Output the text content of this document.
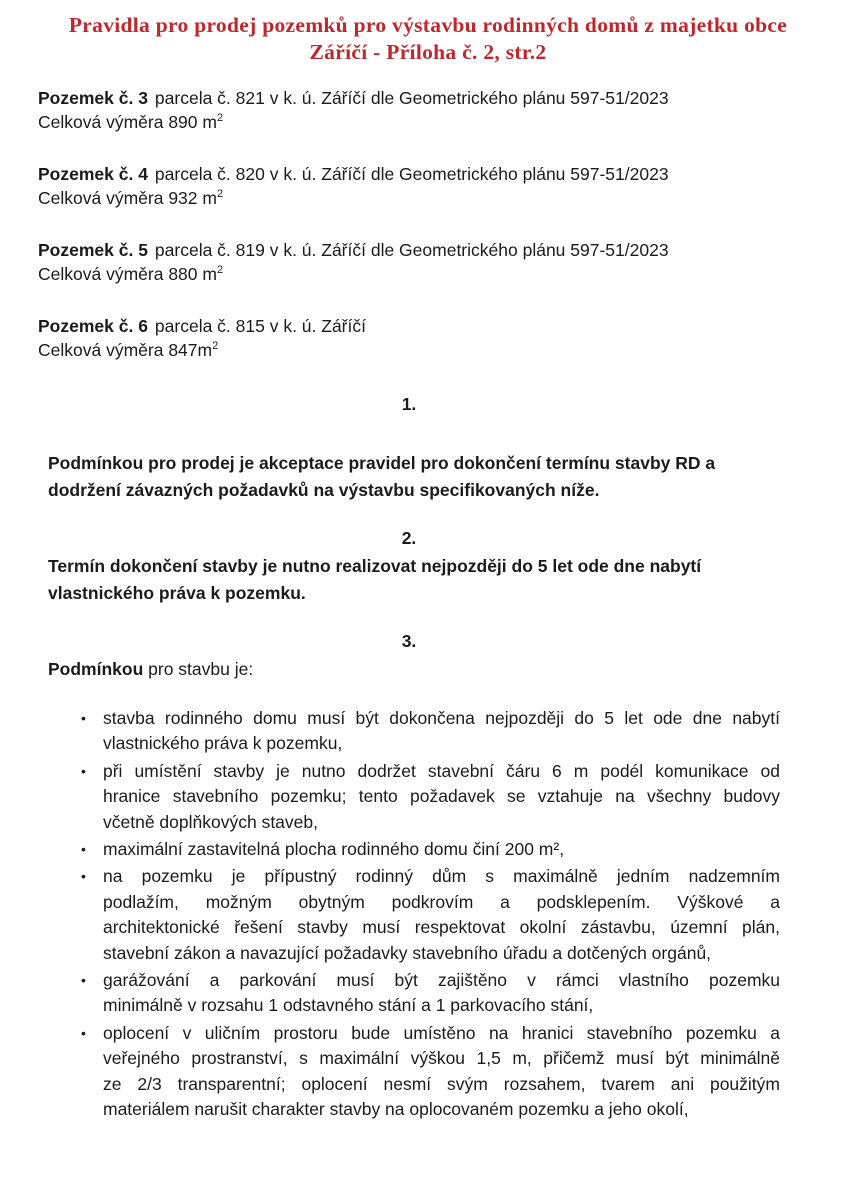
Pravidla pro prodej pozemků pro výstavbu rodinných domů z majetku obce
Záříčí - Příloha č. 2, str.2
Pozemek č. 3 parcela č. 821 v k. ú. Záříčí dle Geometrického plánu 597-51/2023
Celková výměra 890 $m^2$
Pozemek č. 4 parcela č. 820 v k. ú. Záříčí dle Geometrického plánu 597-51/2023
Celková výměra 932 $m^2$
Pozemek č. 5 parcela č. 819 v k. ú. Záříčí dle Geometrického plánu 597-51/2023
Celková výměra 880 $m^2$
Pozemek č. 6 parcela č. 815 v k. ú. Záříčí
Celková výměra $847m^2$
1.
Podmínkou pro prodej je akceptace pravidel pro dokončení termínu stavby RD a
dodržení závazných požadavků na výstavbu specifikovaných níže.
2.
Termín dokončení stavby je nutno realizovat nejpozději do 5 let ode dne nabytí
vlastnického práva k pozemku.
3.
Podmínkou pro stavbu je:
• stavba rodinného domu musí být dokončena nejpozději do 5 let ode dne nabytí
vlastnického práva k pozemku,
• při umístění stavby je nutno dodržet stavební čáru 6 m podél komunikace od
hranice stavebního pozemku; tento požadavek se vztahuje na všechny budovy
včetně doplňkových staveb,
• maximální zastavitelná plocha rodinného domu činí 200 m²,
• na pozemku je přípustný rodinný dům s maximálně jedním nadzemním
podlažím, možným obytným podkrovím a podsklepením. Výškové a
architektonické řešení stavby musí respektovat okolní zástavbu, územní plán,
stavební zákon a navazující požadavky stavebního úřadu a dotčených orgánů,
• garážování a parkování musí být zajištěno v rámci vlastního pozemku
minimálně v rozsahu 1 odstavného stání a 1 parkovacího stání,
• oplocení v uličním prostoru bude umístěno na hranici stavebního pozemku a
veřejného prostranství, s maximální výškou 1,5 m, přičemž musí být minimálně
ze 2/3 transparentní; oplocení nesmí svým rozsahem, tvarem ani použitým
materiálem narušit charakter stavby na oplocovaném pozemku a jeho okolí,
